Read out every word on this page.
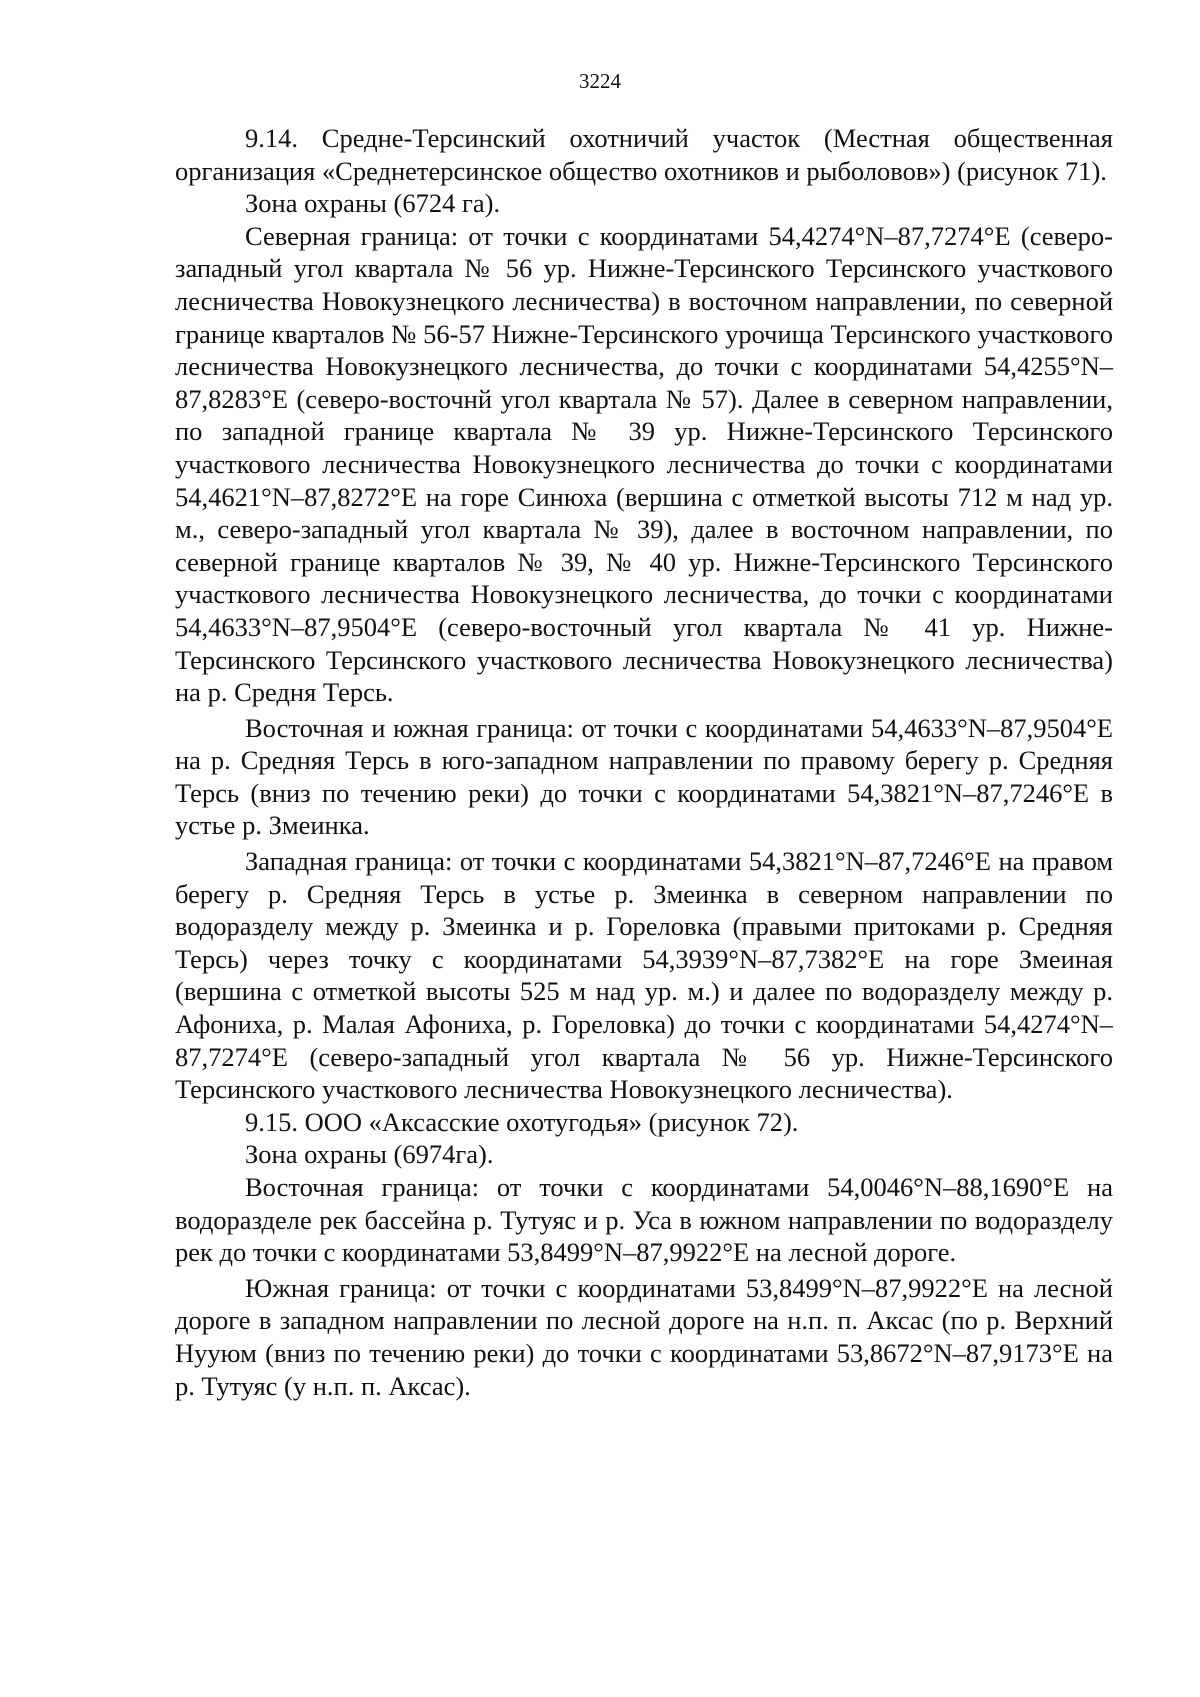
3224

9.14. Средне-Терсинский охотничий участок (Местная общественная организация «Среднетерсинское общество охотников и рыболовов») (рисунок 71).

Зона охраны (6724 га).

Северная граница: от точки с координатами 54,4274°N–87,7274°E (северо-западный угол квартала № 56 ур. Нижне-Терсинского Терсинского участкового лесничества Новокузнецкого лесничества) в восточном направлении, по северной границе кварталов № 56-57 Нижне-Терсинского урочища Терсинского участкового лесничества Новокузнецкого лесничества, до точки с координатами 54,4255°N–87,8283°E (северо-восточнй угол квартала № 57). Далее в северном направлении, по западной границе квартала № 39 ур. Нижне-Терсинского Терсинского участкового лесничества Новокузнецкого лесничества до точки с координатами 54,4621°N–87,8272°E на горе Синюха (вершина с отметкой высоты 712 м над ур. м., северо-западный угол квартала № 39), далее в восточном направлении, по северной границе кварталов № 39, № 40 ур. Нижне-Терсинского Терсинского участкового лесничества Новокузнецкого лесничества, до точки с координатами 54,4633°N–87,9504°E (северо-восточный угол квартала № 41 ур. Нижне-Терсинского Терсинского участкового лесничества Новокузнецкого лесничества) на р. Средня Терсь.

Восточная и южная граница: от точки с координатами 54,4633°N–87,9504°E на р. Средняя Терсь в юго-западном направлении по правому берегу р. Средняя Терсь (вниз по течению реки) до точки с координатами 54,3821°N–87,7246°E в устье р. Змеинка.

Западная граница: от точки с координатами 54,3821°N–87,7246°E на правом берегу р. Средняя Терсь в устье р. Змеинка в северном направлении по водоразделу между р. Змеинка и р. Гореловка (правыми притоками р. Средняя Терсь) через точку с координатами 54,3939°N–87,7382°E на горе Змеиная (вершина с отметкой высоты 525 м над ур. м.) и далее по водоразделу между р. Афониха, р. Малая Афониха, р. Гореловка) до точки с координатами 54,4274°N–87,7274°E (северо-западный угол квартала № 56 ур. Нижне-Терсинского Терсинского участкового лесничества Новокузнецкого лесничества).

9.15. ООО «Аксасские охотугодья» (рисунок 72).

Зона охраны (6974га).

Восточная граница: от точки с координатами 54,0046°N–88,1690°E на водоразделе рек бассейна р. Тутуяс и р. Уса в южном направлении по водоразделу рек до точки с координатами 53,8499°N–87,9922°E на лесной дороге.

Южная граница: от точки с координатами 53,8499°N–87,9922°E на лесной дороге в западном направлении по лесной дороге на н.п. п. Аксас (по р. Верхний Нууюм (вниз по течению реки) до точки с координатами 53,8672°N–87,9173°E на р. Тутуяс (у н.п. п. Аксас).
